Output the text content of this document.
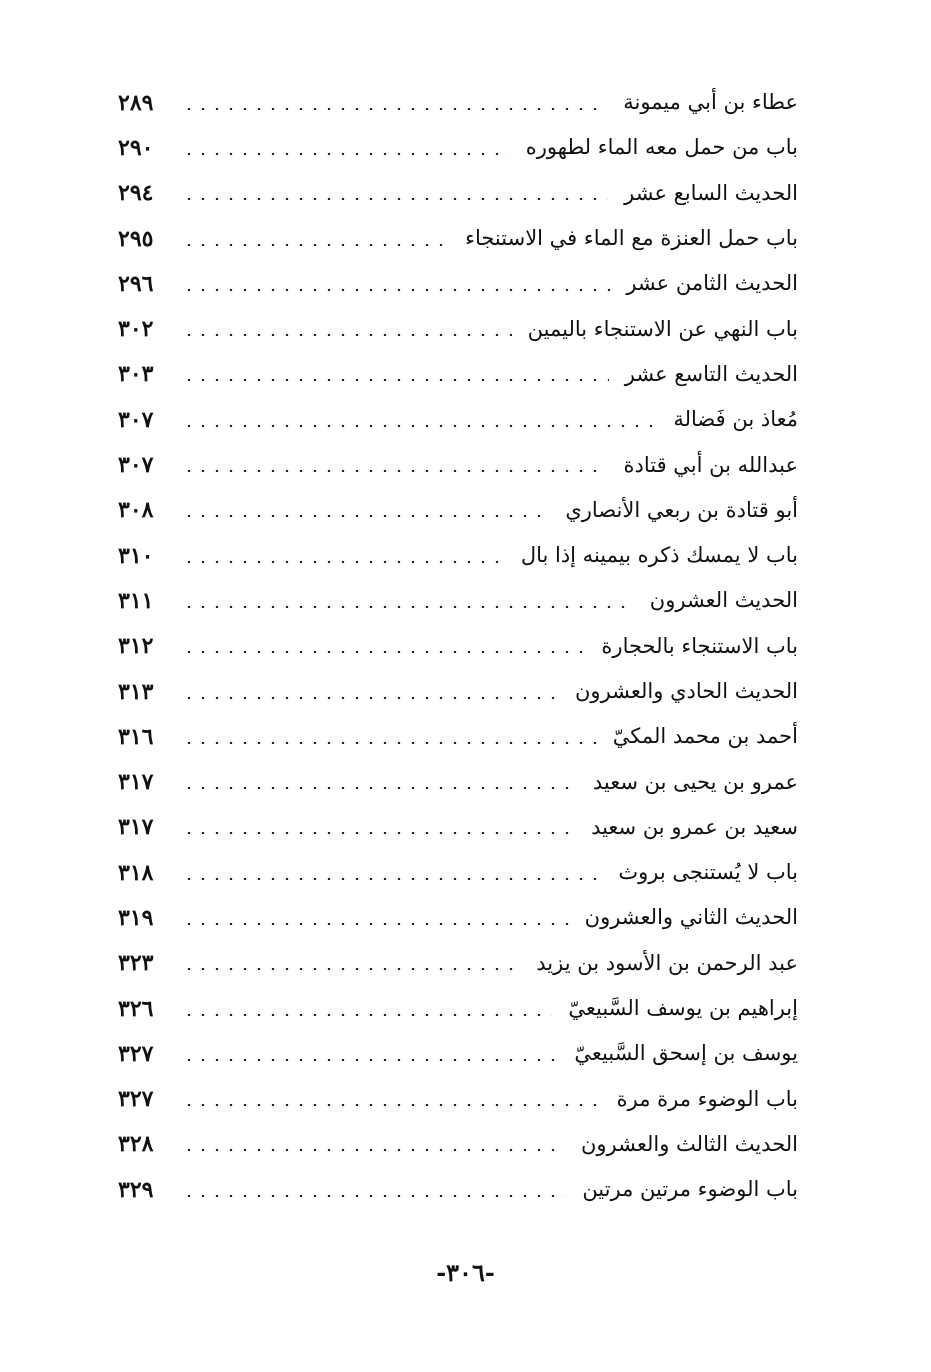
عطاء بن أبي ميمونة
٢٨٩
باب من حمل معه الماء لطهوره
٢٩٠
الحديث السابع عشر
٢٩٤
باب حمل العنزة مع الماء في الاستنجاء
٢٩٥
الحديث الثامن عشر
٢٩٦
باب النهي عن الاستنجاء باليمين
٣٠٢
الحديث التاسع عشر
٣٠٣
مُعاذ بن فَضالة
٣٠٧
عبدالله بن أبي قتادة
٣٠٧
أبو قتادة بن ربعي الأنصاري
٣٠٨
باب لا يمسك ذكره بيمينه إذا بال
٣١٠
الحديث العشرون
٣١١
باب الاستنجاء بالحجارة
٣١٢
الحديث الحادي والعشرون
٣١٣
أحمد بن محمد المكيّ
٣١٦
عمرو بن يحيى بن سعيد
٣١٧
سعيد بن عمرو بن سعيد
٣١٧
باب لا يُستنجى بروث
٣١٨
الحديث الثاني والعشرون
٣١٩
عبد الرحمن بن الأسود بن يزيد
٣٢٣
إبراهيم بن يوسف السَّبيعيّ
٣٢٦
يوسف بن إسحق السَّبيعيّ
٣٢٧
باب الوضوء مرة مرة
٣٢٧
الحديث الثالث والعشرون
٣٢٨
باب الوضوء مرتين مرتين
٣٢٩
-٣٠٦-
